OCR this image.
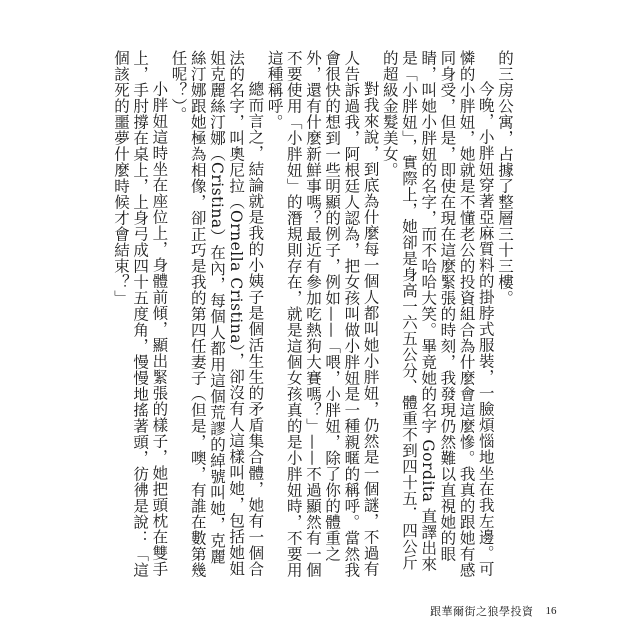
的三房公寓，占據了整層三十三樓。

今晚，小胖妞穿著亞麻質料的掛脖式服裝，一臉煩惱地坐在我左邊。可憐的小胖妞，她就是不懂老公的投資組合為什麼會這麼慘。我真的跟她有感同身受，但是，即使在現在這麼緊張的時刻，我發現仍然難以直視她的眼睛，叫她小胖妞的名字，而不哈哈大笑。畢竟她的名字 Gordita 直譯出來是「小胖妞」，實際上，她卻是身高一六五公分、體重不到四十五．四公斤的超級金髮美女。

對我來說，到底為什麼每一個人都叫她小胖妞，仍然是一個謎，不過有人告訴過我，阿根廷人認為，把女孩叫做小胖妞是一種親暱的稱呼。當然我會很快的想到一些明顯的例子，例如——「喂，小胖妞，除了你的體重之外，還有什麼新鮮事嗎？最近有參加吃熱狗大賽嗎？」——不過顯然有一個不要使用「小胖妞」的潛規則存在，就是這個女孩真的是小胖妞時，不要用這種稱呼。

總而言之，結論就是我的小姨子是個活生生的矛盾集合體，她有一個合法的名字，叫奧尼拉（Ornella Cristina），卻沒有人這樣叫她，包括她姐姐克麗絲汀娜（Cristina）在內，每個人都用這個荒謬的綽號叫她，克麗絲汀娜跟她極為相像，卻正巧是我的第四任妻子（但是，噢，有誰在數第幾任呢？）。

小胖妞這時坐在座位上，身體前傾，顯出緊張的樣子，她把頭枕在雙手上，手肘撐在桌上，上身弓成四十五度角，慢慢地搖著頭，彷彿是說：「這個該死的噩夢什麼時候才會結束？」

跟華爾街之狼學投資 16
